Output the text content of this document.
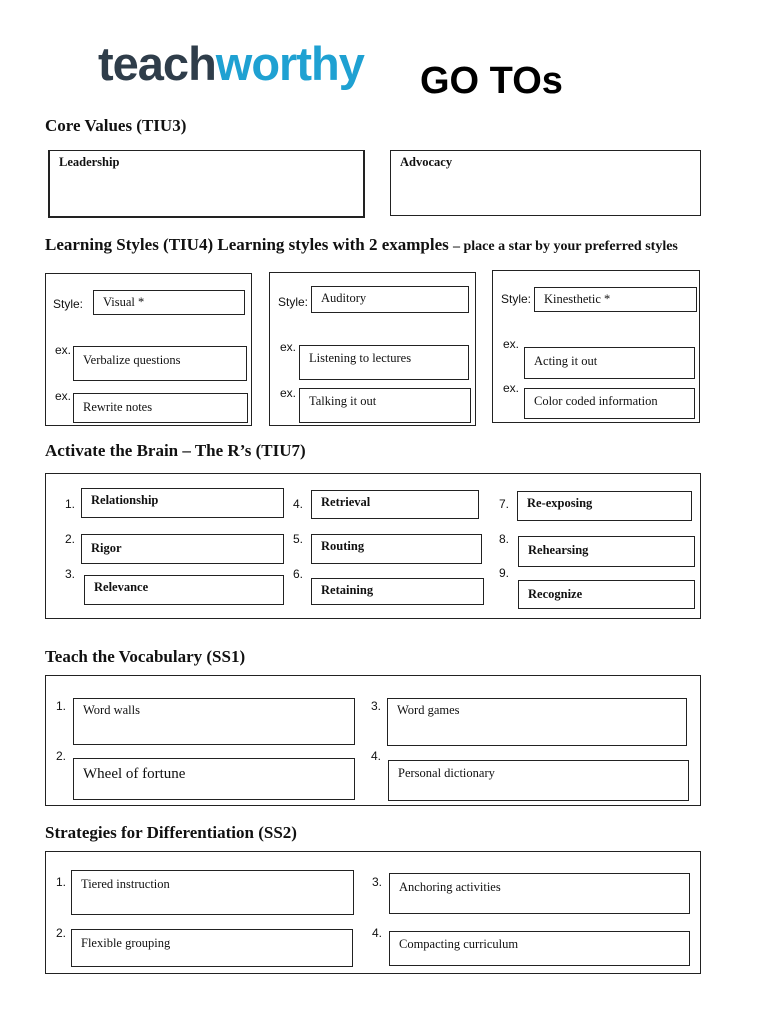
teachworthy GO TOs
Core Values (TIU3)
Leadership	Advocacy
Learning Styles (TIU4) Learning styles with 2 examples – place a star by your preferred styles
Style:	Visual *
ex.
Verbalize questions
ex.
Rewrite notes
Style:	Auditory
ex.
Listening to lectures
ex.
Talking it out
Style:	Kinesthetic *
ex.
Acting it out
ex.
Color coded information
Activate the Brain – The R’s (TIU7)
1.	Relationship
2.
Rigor
3.
Relevance
4.	Retrieval
5.	Routing
6.
Retaining
7.	Re-exposing
8.
Rehearsing
9.
Recognize
Teach the Vocabulary (SS1)
1.	Word walls
2.
Wheel of fortune
3.	Word games
4.
Personal dictionary
Strategies for Differentiation (SS2)
1.	Tiered instruction
2.
Flexible grouping
3.	Anchoring activities
4.
Compacting curriculum
